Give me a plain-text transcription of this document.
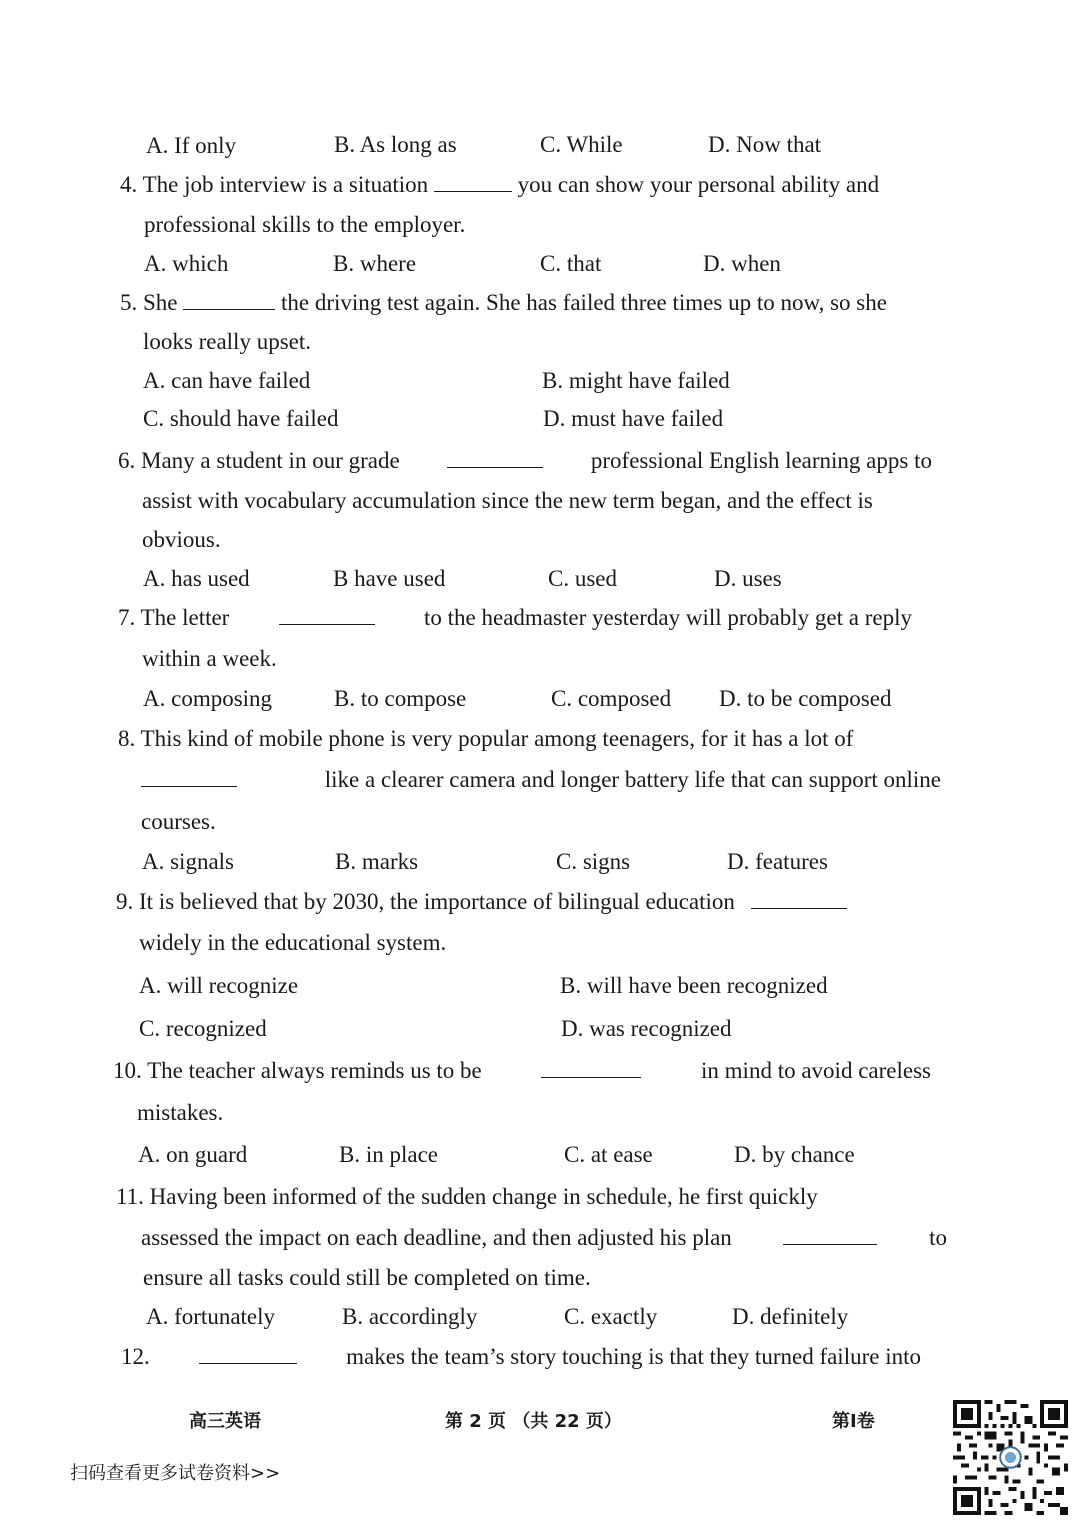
A. If only	B. As long as	C. While	D. Now that
4. The job interview is a situation	you can show your personal ability and
professional skills to the employer.
A. which	B. where	C. that	D. when
5. She	the driving test again. She has failed three times up to now, so she
looks really upset.
A. can have failed	B. might have failed
C. should have failed	D. must have failed
6. Many a student in our grade	professional English learning apps to
assist with vocabulary accumulation since the new term began, and the effect is
obvious.
A. has used	B have used	C. used	D. uses
7. The letter	to the headmaster yesterday will probably get a reply
within a week.
A. composing	B. to compose	C. composed D. to be composed
8. This kind of mobile phone is very popular among teenagers, for it has a lot of
like a clearer camera and longer battery life that can support online
courses.
A. signals	B. marks	C. signs	D. features
9. It is believed that by 2030, the importance of bilingual education
widely in the educational system.
A. will recognize	B. will have been recognized
C. recognized	D. was recognized
10. The teacher always reminds us to be	in mind to avoid careless
mistakes.
A. on guard	B. in place	C. at ease	D. by chance
11. Having been informed of the sudden change in schedule, he first quickly
assessed the impact on each deadline, and then adjusted his plan	to
ensure all tasks could still be completed on time.
A. fortunately	B. accordingly	C. exactly	D. definitely
12.	makes the team’s story touching is that they turned failure into
高三英语	第 2 页 （共 22 页）	第I卷
扫码查看更多试卷资料>>
